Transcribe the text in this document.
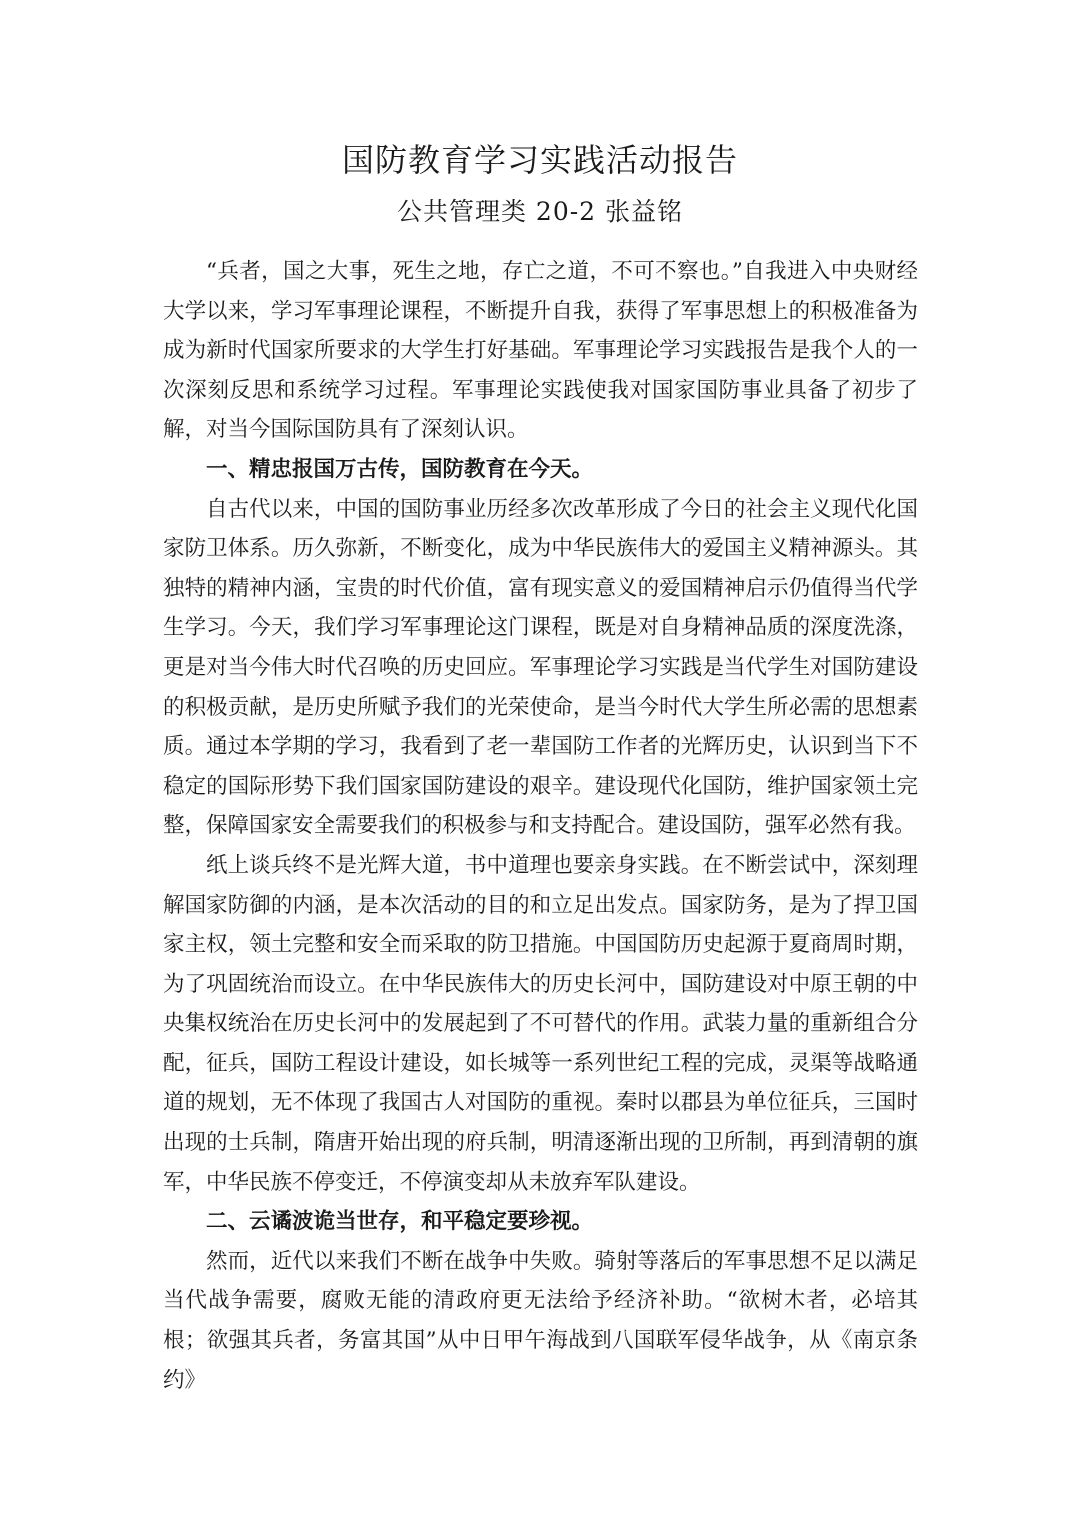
国防教育学习实践活动报告
公共管理类 20-2 张益铭

“兵者，国之大事，死生之地，存亡之道，不可不察也。”自我进入中央财经大学以来，学习军事理论课程，不断提升自我，获得了军事思想上的积极准备为成为新时代国家所要求的大学生打好基础。军事理论学习实践报告是我个人的一次深刻反思和系统学习过程。军事理论实践使我对国家国防事业具备了初步了解，对当今国际国防具有了深刻认识。

一、精忠报国万古传，国防教育在今天。

自古代以来，中国的国防事业历经多次改革形成了今日的社会主义现代化国家防卫体系。历久弥新，不断变化，成为中华民族伟大的爱国主义精神源头。其独特的精神内涵，宝贵的时代价值，富有现实意义的爱国精神启示仍值得当代学生学习。今天，我们学习军事理论这门课程，既是对自身精神品质的深度洗涤，更是对当今伟大时代召唤的历史回应。军事理论学习实践是当代学生对国防建设的积极贡献，是历史所赋予我们的光荣使命，是当今时代大学生所必需的思想素质。通过本学期的学习，我看到了老一辈国防工作者的光辉历史，认识到当下不稳定的国际形势下我们国家国防建设的艰辛。建设现代化国防，维护国家领土完整，保障国家安全需要我们的积极参与和支持配合。建设国防，强军必然有我。

纸上谈兵终不是光辉大道，书中道理也要亲身实践。在不断尝试中，深刻理解国家防御的内涵，是本次活动的目的和立足出发点。国家防务，是为了捍卫国家主权，领土完整和安全而采取的防卫措施。中国国防历史起源于夏商周时期，为了巩固统治而设立。在中华民族伟大的历史长河中，国防建设对中原王朝的中央集权统治在历史长河中的发展起到了不可替代的作用。武装力量的重新组合分配，征兵，国防工程设计建设，如长城等一系列世纪工程的完成，灵渠等战略通道的规划，无不体现了我国古人对国防的重视。秦时以郡县为单位征兵，三国时出现的士兵制，隋唐开始出现的府兵制，明清逐渐出现的卫所制，再到清朝的旗军，中华民族不停变迁，不停演变却从未放弃军队建设。

二、云谲波诡当世存，和平稳定要珍视。

然而，近代以来我们不断在战争中失败。骑射等落后的军事思想不足以满足当代战争需要，腐败无能的清政府更无法给予经济补助。“欲树木者，必培其根；欲强其兵者，务富其国”从中日甲午海战到八国联军侵华战争，从《南京条约》
